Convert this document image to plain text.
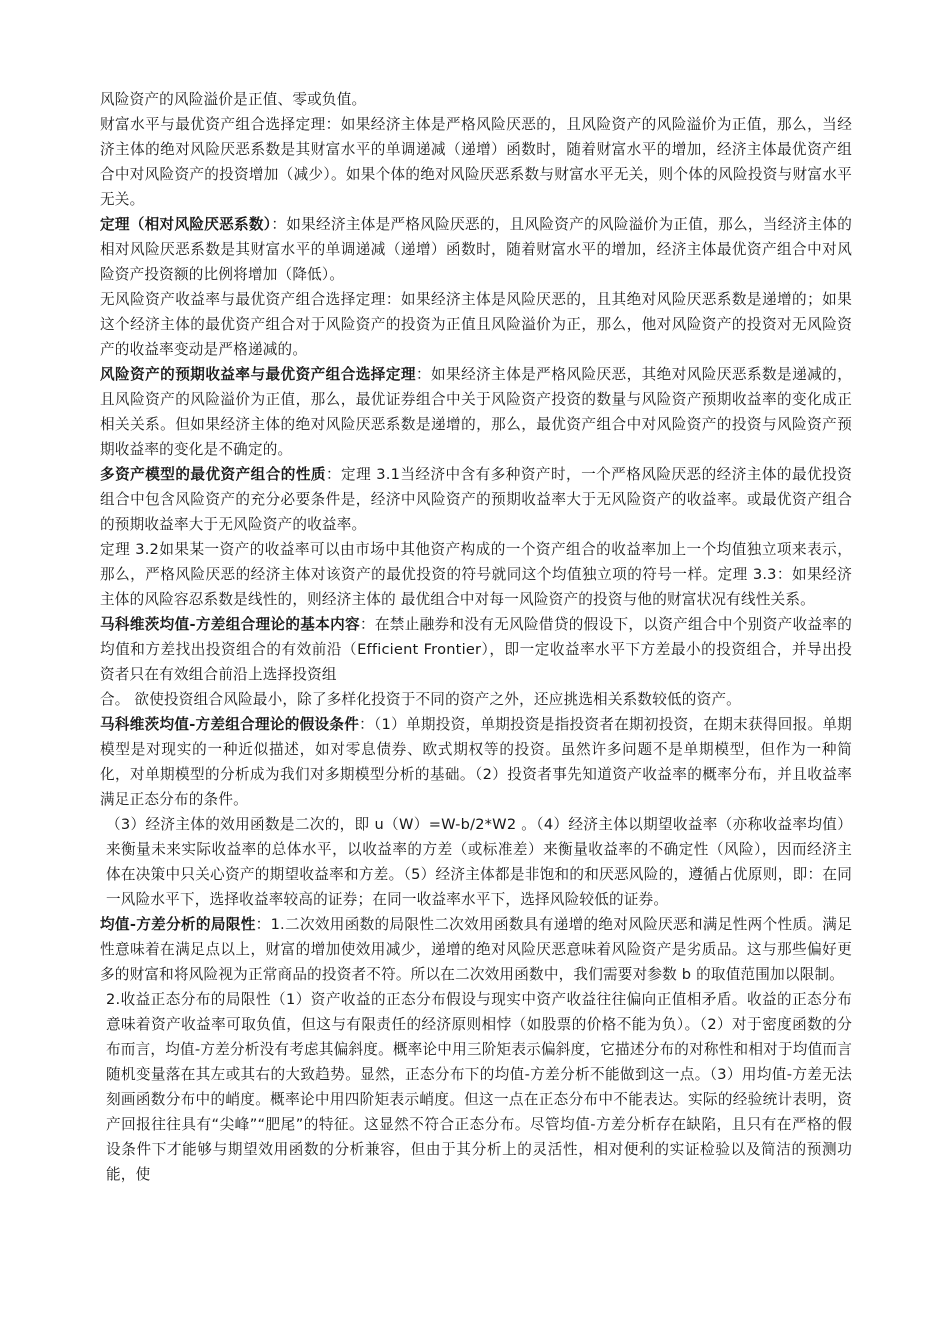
风险资产的风险溢价是正值、零或负值。

财富水平与最优资产组合选择定理：如果经济主体是严格风险厌恶的，且风险资产的风险溢价为正值，那么，当经济主体的绝对风险厌恶系数是其财富水平的单调递减（递增）函数时，随着财富水平的增加，经济主体最优资产组合中对风险资产的投资增加（减少）。如果个体的绝对风险厌恶系数与财富水平无关，则个体的风险投资与财富水平无关。

定理（相对风险厌恶系数）：如果经济主体是严格风险厌恶的，且风险资产的风险溢价为正值，那么，当经济主体的相对风险厌恶系数是其财富水平的单调递减（递增）函数时，随着财富水平的增加，经济主体最优资产组合中对风险资产投资额的比例将增加（降低）。

无风险资产收益率与最优资产组合选择定理：如果经济主体是风险厌恶的，且其绝对风险厌恶系数是递增的；如果这个经济主体的最优资产组合对于风险资产的投资为正值且风险溢价为正，那么，他对风险资产的投资对无风险资产的收益率变动是严格递减的。

风险资产的预期收益率与最优资产组合选择定理：如果经济主体是严格风险厌恶，其绝对风险厌恶系数是递减的，且风险资产的风险溢价为正值，那么，最优证券组合中关于风险资产投资的数量与风险资产预期收益率的变化成正相关关系。但如果经济主体的绝对风险厌恶系数是递增的，那么，最优资产组合中对风险资产的投资与风险资产预期收益率的变化是不确定的。

多资产模型的最优资产组合的性质：定理 3.1当经济中含有多种资产时，一个严格风险厌恶的经济主体的最优投资组合中包含风险资产的充分必要条件是，经济中风险资产的预期收益率大于无风险资产的收益率。或最优资产组合的预期收益率大于无风险资产的收益率。

定理 3.2如果某一资产的收益率可以由市场中其他资产构成的一个资产组合的收益率加上一个均值独立项来表示，那么，严格风险厌恶的经济主体对该资产的最优投资的符号就同这个均值独立项的符号一样。定理 3.3：如果经济主体的风险容忍系数是线性的，则经济主体的 最优组合中对每一风险资产的投资与他的财富状况有线性关系。

马科维茨均值-方差组合理论的基本内容：在禁止融券和没有无风险借贷的假设下，以资产组合中个别资产收益率的均值和方差找出投资组合的有效前沿（Efficient Frontier），即一定收益率水平下方差最小的投资组合，并导出投资者只在有效组合前沿上选择投资组

合。 欲使投资组合风险最小，除了多样化投资于不同的资产之外，还应挑选相关系数较低的资产。

马科维茨均值-方差组合理论的假设条件：（1）单期投资，单期投资是指投资者在期初投资，在期末获得回报。单期模型是对现实的一种近似描述，如对零息债券、欧式期权等的投资。虽然许多问题不是单期模型，但作为一种简化，对单期模型的分析成为我们对多期模型分析的基础。（2）投资者事先知道资产收益率的概率分布，并且收益率满足正态分布的条件。

（3）经济主体的效用函数是二次的，即 u（W）=W-b/2*W2 。（4）经济主体以期望收益率（亦称收益率均值）来衡量未来实际收益率的总体水平，以收益率的方差（或标准差）来衡量收益率的不确定性（风险），因而经济主体在决策中只关心资产的期望收益率和方差。（5）经济主体都是非饱和的和厌恶风险的，遵循占优原则，即：在同一风险水平下，选择收益率较高的证券；在同一收益率水平下，选择风险较低的证券。

均值-方差分析的局限性：1.二次效用函数的局限性二次效用函数具有递增的绝对风险厌恶和满足性两个性质。满足性意味着在满足点以上，财富的增加使效用减少，递增的绝对风险厌恶意味着风险资产是劣质品。这与那些偏好更多的财富和将风险视为正常商品的投资者不符。所以在二次效用函数中，我们需要对参数 b 的取值范围加以限制。

2.收益正态分布的局限性（1）资产收益的正态分布假设与现实中资产收益往往偏向正值相矛盾。收益的正态分布意味着资产收益率可取负值，但这与有限责任的经济原则相悖（如股票的价格不能为负）。（2）对于密度函数的分布而言，均值-方差分析没有考虑其偏斜度。概率论中用三阶矩表示偏斜度，它描述分布的对称性和相对于均值而言随机变量落在其左或其右的大致趋势。显然，正态分布下的均值-方差分析不能做到这一点。（3）用均值-方差无法刻画函数分布中的峭度。概率论中用四阶矩表示峭度。但这一点在正态分布中不能表达。实际的经验统计表明，资产回报往往具有“尖峰”“肥尾”的特征。这显然不符合正态分布。尽管均值-方差分析存在缺陷，且只有在严格的假设条件下才能够与期望效用函数的分析兼容，但由于其分析上的灵活性，相对便利的实证检验以及简洁的预测功能，使
